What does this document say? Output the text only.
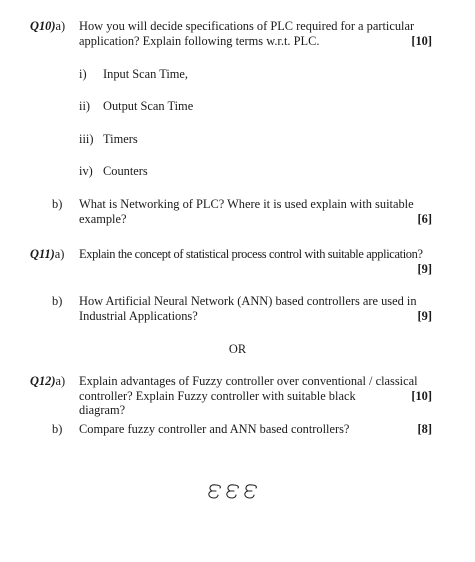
Q10)a) How you will decide specifications of PLC required for a particular
application? Explain following terms w.r.t. PLC.	[10]
i) Input Scan Time,
ii) Output Scan Time
iii) Timers
iv) Counters
b) What is Networking of PLC? Where it is used explain with suitable
example?	[6]
Q11)a) Explain the concept of statistical process control with suitable application?
[9]
b) How Artificial Neural Network (ANN) based controllers are used in
Industrial Applications?	[9]
OR
Q12)a) Explain advantages of Fuzzy controller over conventional / classical
controller? Explain Fuzzy controller with suitable black diagram?
[10]
b) Compare fuzzy controller and ANN based controllers?	[8]
